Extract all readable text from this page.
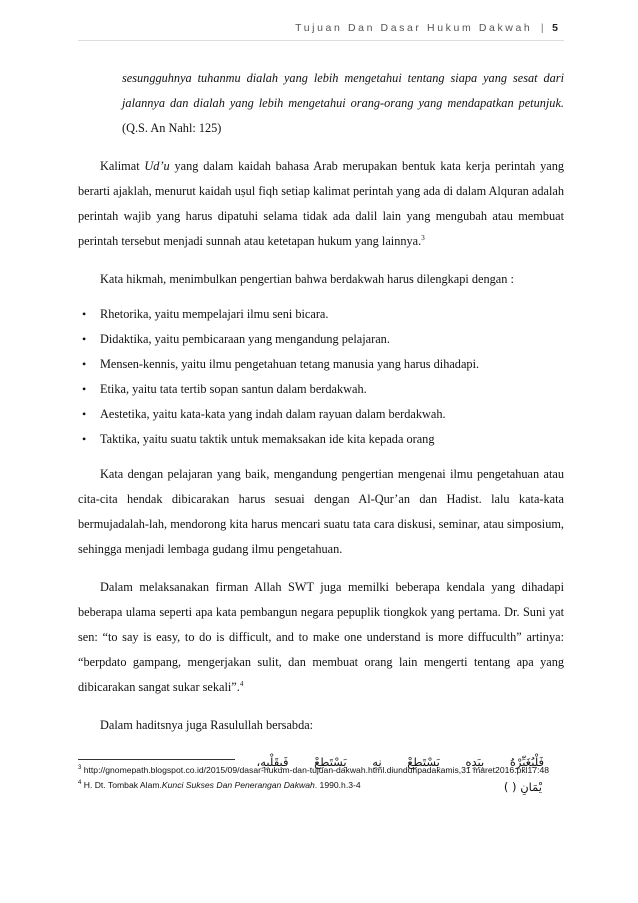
Tujuan Dan Dasar Hukum Dakwah | 5

sesungguhnya tuhanmu dialah yang lebih mengetahui tentang siapa yang sesat dari jalannya dan dialah yang lebih mengetahui orang-orang yang mendapatkan petunjuk.(Q.S. An Nahl: 125)

Kalimat Ud’u yang dalam kaidah bahasa Arab merupakan bentuk kata kerja perintah yang berarti ajaklah, menurut kaidah uṣul fiqh setiap kalimat perintah yang ada di dalam Alquran adalah perintah wajib yang harus dipatuhi selama tidak ada dalil lain yang mengubah atau membuat perintah tersebut menjadi sunnah atau ketetapan hukum yang lainnya.$^3$

Kata hikmah, menimbulkan pengertian bahwa berdakwah harus dilengkapi dengan :

• Rhetorika, yaitu mempelajari ilmu seni bicara.
• Didaktika, yaitu pembicaraan yang mengandung pelajaran.
• Mensen-kennis, yaitu ilmu pengetahuan tetang manusia yang harus dihadapi.
• Etika, yaitu tata tertib sopan santun dalam berdakwah.
• Aestetika, yaitu kata-kata yang indah dalam rayuan dalam berdakwah.
• Taktika, yaitu suatu taktik untuk memaksakan ide kita kepada orang

Kata dengan pelajaran yang baik, mengandung pengertian mengenai ilmu pengetahuan atau cita-cita hendak dibicarakan harus sesuai dengan Al-Qur’an dan Hadist. lalu kata-kata bermujadalah-lah, mendorong kita harus mencari suatu tata cara diskusi, seminar, atau simposium, sehingga menjadi lembaga gudang ilmu pengetahuan.

Dalam melaksanakan firman Allah SWT juga memilki beberapa kendala yang dihadapi beberapa ulama seperti apa kata pembangun negara pepuplik tiongkok yang pertama. Dr. Suni yat sen: “to say is easy, to do is difficult, and to make one understand is more diffuculth” artinya: “berpdato gampang, mengerjakan sulit, dan membuat orang lain mengerti tentang apa yang dibicarakan sangat sukar sekali”.$^4$

Dalam haditsnya juga Rasulullah bersabda:

فَلْيُغَيِّرْهُ بِيَدِهِ يَسْتَطِعْ نِهِ يَسْتَطِعْ فَبِقَلْبِهِ،
يْمَانِ ( )
$^3$ http://gnomepath.blogspot.co.id/2015/09/dasar-hukum-dan-tujuan-dakwah.html.diunduhpadakamis,31 maret2016.pkl17:48
$^4$ H. Dt. Tombak Alam.Kunci Sukses Dan Penerangan Dakwah. 1990.h.3-4
